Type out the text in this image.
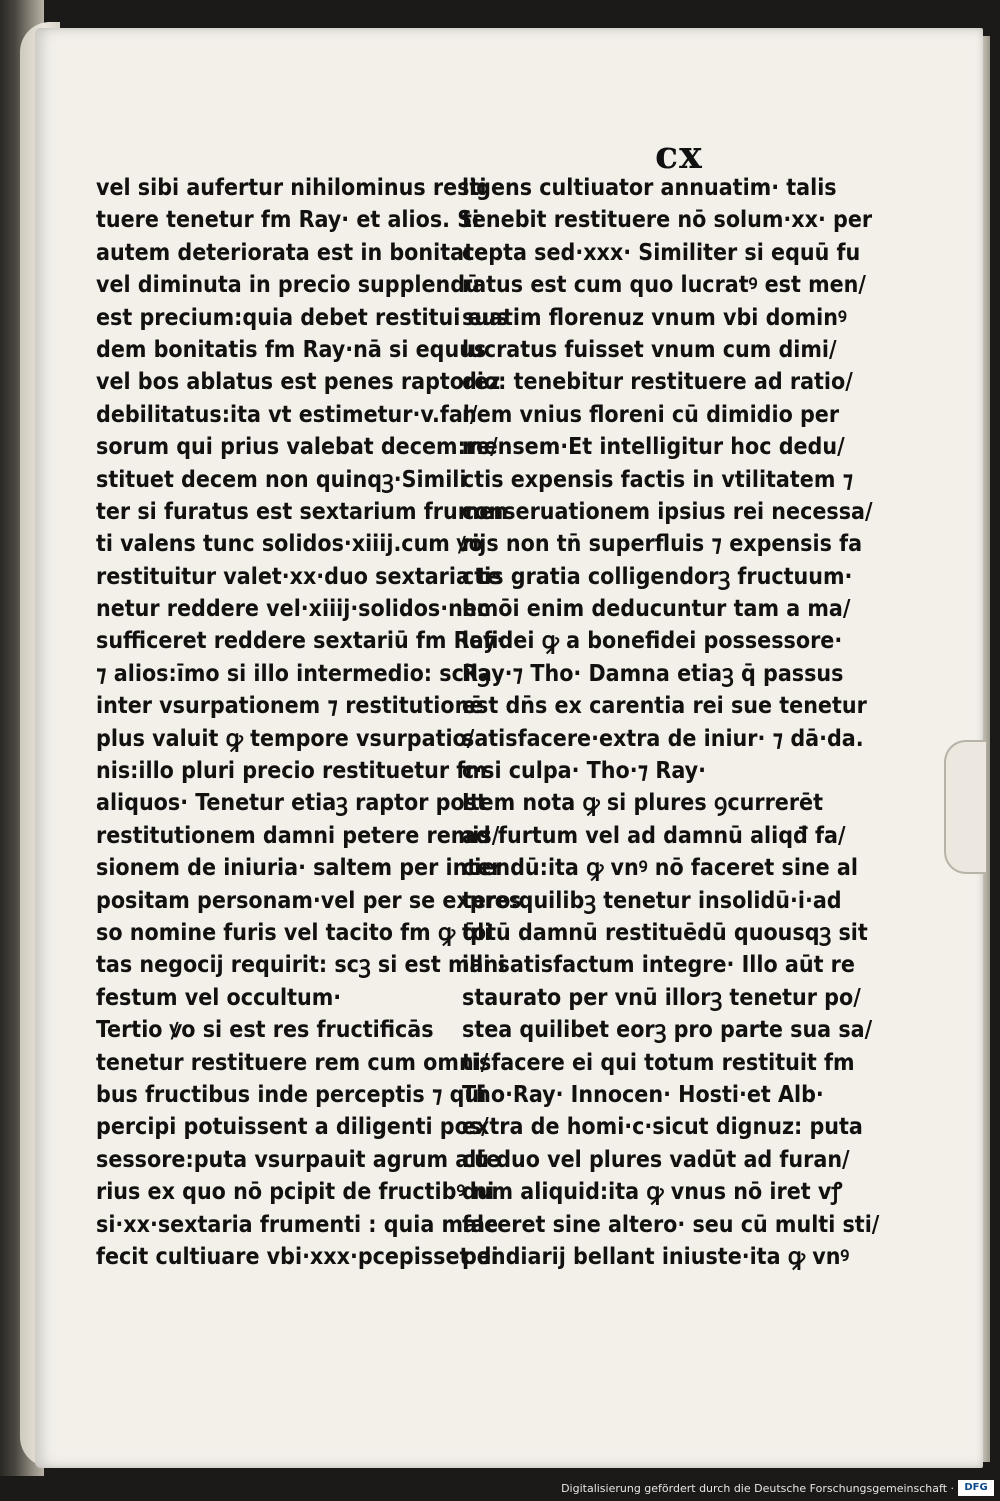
cx
vel sibi aufertur nihilominus resti
tuere tenetur fm Ray· et alios. Si
autem deteriorata est in bonitate·
vel diminuta in precio supplendū
est precium:quia debet restitui eus
dem bonitatis fm Ray·nā si equus
vel bos ablatus est penes raptorez
debilitatus:ita vt estimetur·v.fal/
sorum qui prius valebat decem:re/
stituet decem non quinqꝫ·Simili
ter si furatus est sextarium frumen
ti valens tunc solidos·xiiij.cum ꝟo
restituitur valet·xx·duo sextaria te
netur reddere vel·xiiij·solidos·nec
sufficeret reddere sextariū fm Ray·
⁊ alios:īmo si illo intermedio: scilꝫ
inter vsurpationem ⁊ restitutionē
plus valuit ꝙ tempore vsurpatio/
nis:illo pluri precio restituetur fm
aliquos· Tenetur etiaꝫ raptor post
restitutionem damni petere remis/
sionem de iniuria· saltem per inter
positam personam·vel per se expres
so nomine furis vel tacito fm ꝙ q̄li
tas negocij requirit: scꝫ si est mani
festum vel occultum·
Tertio ꝟo si est res fructificās
tenetur restituere rem cum omni/
bus fructibus inde perceptis ⁊ qui
percipi potuissent a diligenti pos/
sessore:puta vsurpauit agrum alte
rius ex quo nō pcipit de fructibꝰ ni
si·xx·sextaria frumenti : quia male
fecit cultiuare vbi·xxx·pcepisset di
ligens cultiuator annuatim· talis
tenebit restituere nō solum·xx· per
cepta sed·xxx· Similiter si equū fu
ratus est cum quo lucratꝰ est men/
suatim florenuz vnum vbi dominꝰ
lucratus fuisset vnum cum dimi/
dio: tenebitur restituere ad ratio/
nem vnius floreni cū dimidio per
mensem·Et intelligitur hoc dedu/
ctis expensis factis in vtilitatem ⁊
conseruationem ipsius rei necessa/
rijs non tn̄ superfluis ⁊ expensis fa
ctis gratia colligendorꝫ fructuum·
hmōi enim deducuntur tam a ma/
lefidei ꝙ a bonefidei possessore·
Ray·⁊ Tho· Damna etiaꝫ q̄ passus
est dn̄s ex carentia rei sue tenetur
satisfacere·extra de iniur· ⁊ dā·da.
c·si culpa· Tho·⁊ Ray·
Item nota ꝙ si plures ꝯcurrerēt
ad furtum vel ad damnū aliqđ fa/
ciendū:ita ꝙ vnꝰ nō faceret sine al
tero:quilibꝫ tenetur insolidū·i·ad
totū damnū restituēdū quousqꝫ sit
illi satisfactum integre· Illo aūt re
staurato per vnū illorꝫ tenetur po/
stea quilibet eorꝫ pro parte sua sa/
tisfacere ei qui totum restituit fm
Tho·Ray· Innocen· Hosti·et Alb·
extra de homi·c·sicut dignuz: puta
cū duo vel plures vadūt ad furan/
dum aliquid:ita ꝙ vnus nō iret vꝭ
faceret sine altero· seu cū multi sti/
pendiarij bellant iniuste·ita ꝙ vnꝰ
Digitalisierung gefördert durch die Deutsche Forschungsgemeinschaft ·	DFG
